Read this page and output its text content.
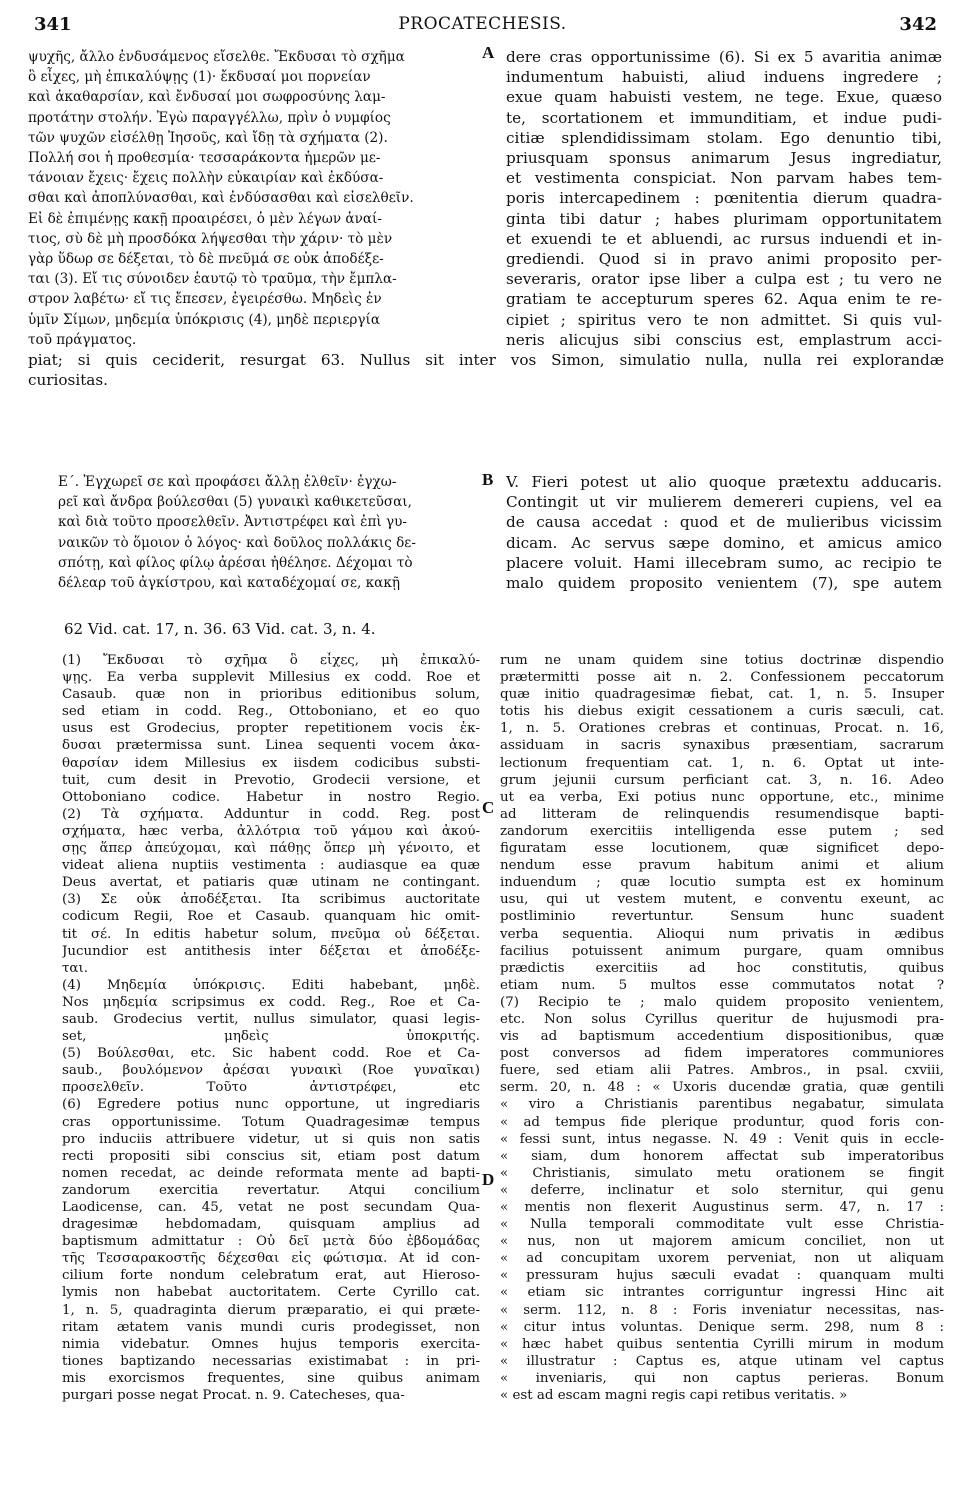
341	PROCATECHESIS.	342
ψυχῆς, ἄλλο ἐνδυσάμενος εἴσελθε. Ἔκδυσαι τὸ σχῆμα
ὃ εἶχες, μὴ ἐπικαλύψῃς (1)· ἔκδυσαί μοι πορνείαν
καὶ ἀκαθαρσίαν, καὶ ἔνδυσαί μοι σωφροσύνης λαμ-
προτάτην στολήν. Ἐγὼ παραγγέλλω, πρὶν ὁ νυμφίος
τῶν ψυχῶν εἰσέλθῃ Ἰησοῦς, καὶ ἴδῃ τὰ σχήματα (2).
Πολλή σοι ἡ προθεσμία· τεσσαράκοντα ἡμερῶν με-
τάνοιαν ἔχεις· ἔχεις πολλὴν εὐκαιρίαν καὶ ἐκδύσα-
σθαι καὶ ἀποπλύνασθαι, καὶ ἐνδύσασθαι καὶ εἰσελθεῖν.
Εἰ δὲ ἐπιμένῃς κακῇ προαιρέσει, ὁ μὲν λέγων ἀναί-
τιος, σὺ δὲ μὴ προσδόκα λήψεσθαι τὴν χάριν· τὸ μὲν
γὰρ ὕδωρ σε δέξεται, τὸ δὲ πνεῦμά σε οὐκ ἀποδέξε-
ται (3). Εἴ τις σύνοιδεν ἑαυτῷ τὸ τραῦμα, τὴν ἔμπλα-
στρον λαβέτω· εἴ τις ἔπεσεν, ἐγειρέσθω. Μηδεὶς ἐν
ὑμῖν Σίμων, μηδεμία ὑπόκρισις (4), μηδὲ περιεργία
τοῦ πράγματος.
A dere cras opportunissime (6). Si ex 5 avaritia animæ
indumentum habuisti, aliud induens ingredere ;
exue quam habuisti vestem, ne tege. Exue, quæso
te, scortationem et immunditiam, et indue pudi-
citiæ splendidissimam stolam. Ego denuntio tibi,
priusquam sponsus animarum Jesus ingrediatur,
et vestimenta conspiciat. Non parvam habes tem-
poris intercapedinem : pœnitentia dierum quadra-
ginta tibi datur ; habes plurimam opportunitatem
et exuendi te et abluendi, ac rursus induendi et in-
grediendi. Quod si in pravo animi proposito per-
severaris, orator ipse liber a culpa est ; tu vero ne
gratiam te accepturum speres 62. Aqua enim te re-
cipiet ; spiritus vero te non admittet. Si quis vul-
neris alicujus sibi conscius est, emplastrum acci-
piat; si quis ceciderit, resurgat 63. Nullus sit inter vos Simon, simulatio nulla, nulla rei explorandæ
curiositas.
Ε΄. Ἐγχωρεῖ σε καὶ προφάσει ἄλλῃ ἐλθεῖν· ἐγχω-
ρεῖ καὶ ἄνδρα βούλεσθαι (5) γυναικὶ καθικετεῦσαι,
καὶ διὰ τοῦτο προσελθεῖν. Ἀντιστρέφει καὶ ἐπὶ γυ-
ναικῶν τὸ ὅμοιον ὁ λόγος· καὶ δοῦλος πολλάκις δε-
σπότῃ, καὶ φίλος φίλῳ ἀρέσαι ἠθέλησε. Δέχομαι τὸ
δέλεαρ τοῦ ἀγκίστρου, καὶ καταδέχομαί σε, κακῇ
B V. Fieri potest ut alio quoque prætextu adducaris.
Contingit ut vir mulierem demereri cupiens, vel ea
de causa accedat : quod et de mulieribus vicissim
dicam. Ac servus sæpe domino, et amicus amico
placere voluit. Hami illecebram sumo, ac recipio te
malo quidem proposito venientem (7), spe autem
62 Vid. cat. 17, n. 36. 63 Vid. cat. 3, n. 4.
(1) Ἔκδυσαι τὸ σχῆμα ὃ εἶχες, μὴ ἐπικαλύ-
ψῃς. Ea verba supplevit Millesius ex codd. Roe et
Casaub. quæ non in prioribus editionibus solum,
sed etiam in codd. Reg., Ottoboniano, et eo quo
usus est Grodecius, propter repetitionem vocis ἐκ-
δυσαι prætermissa sunt. Linea sequenti vocem ἀκα-
θαρσίαν idem Millesius ex iisdem codicibus substi-
tuit, cum desit in Prevotio, Grodecii versione, et
Ottoboniano codice. Habetur in nostro Regio.
(2) Τὰ σχήματα. Adduntur in codd. Reg. post
σχήματα, hæc verba, ἀλλότρια τοῦ γάμου καὶ ἀκού-
σῃς ἅπερ ἀπεύχομαι, καὶ πάθῃς ὅπερ μὴ γένοιτο, et
videat aliena nuptiis vestimenta : audiasque ea quæ
Deus avertat, et patiaris quæ utinam ne contingant.
(3) Σε οὐκ ἀποδέξεται. Ita scribimus auctoritate
codicum Regii, Roe et Casaub. quanquam hic omit-
tit σέ. In editis habetur solum, πνεῦμα οὐ δέξεται.
Jucundior est antithesis inter δέξεται et ἀποδέξε-
ται.
(4) Μηδεμία ὑπόκρισις. Editi habebant, μηδὲ.
Nos μηδεμία scripsimus ex codd. Reg., Roe et Ca-
saub. Grodecius vertit, nullus simulator, quasi legis-
set, μηδεὶς ὑποκριτής.
(5) Βούλεσθαι, etc. Sic habent codd. Roe et Ca-
saub., βουλόμενον ἀρέσαι γυναικὶ (Roe γυναῖκαι)
προσελθεῖν. Τοῦτο ἀντιστρέφει, etc
(6) Egredere potius nunc opportune, ut ingrediaris
cras opportunissime. Totum Quadragesimæ tempus
pro induciis attribuere videtur, ut si quis non satis
recti propositi sibi conscius sit, etiam post datum
nomen recedat, ac deinde reformata mente ad bapti-
zandorum exercitia revertatur. Atqui concilium
Laodicense, can. 45, vetat ne post secundam Qua-
dragesimæ hebdomadam, quisquam amplius ad
baptismum admittatur : Οὐ δεῖ μετὰ δύο ἑβδομάδας
τῆς Τεσσαρακοστῆς δέχεσθαι εἰς φώτισμα. At id con-
cilium forte nondum celebratum erat, aut Hieroso-
lymis non habebat auctoritatem. Certe Cyrillo cat.
1, n. 5, quadraginta dierum præparatio, ei qui præte-
ritam ætatem vanis mundi curis prodegisset, non
nimia videbatur. Omnes hujus temporis exercita-
tiones baptizando necessarias existimabat : in pri-
mis exorcismos frequentes, sine quibus animam
purgari posse negat Procat. n. 9. Catecheses, qua-
C
D
rum ne unam quidem sine totius doctrinæ dispendio
prætermitti posse ait n. 2. Confessionem peccatorum
quæ initio quadragesimæ fiebat, cat. 1, n. 5. Insuper
totis his diebus exigit cessationem a curis sæculi, cat.
1, n. 5. Orationes crebras et continuas, Procat. n. 16,
assiduam in sacris synaxibus præsentiam, sacrarum
lectionum frequentiam cat. 1, n. 6. Optat ut inte-
grum jejunii cursum perficiant cat. 3, n. 16. Adeo
ut ea verba, Exi potius nunc opportune, etc., minime
ad litteram de relinquendis resumendisque bapti-
zandorum exercitiis intelligenda esse putem ; sed
figuratam esse locutionem, quæ significet depo-
nendum esse pravum habitum animi et alium
induendum ; quæ locutio sumpta est ex hominum
usu, qui ut vestem mutent, e conventu exeunt, ac
postliminio revertuntur. Sensum hunc suadent
verba sequentia. Alioqui num privatis in ædibus
facilius potuissent animum purgare, quam omnibus
prædictis exercitiis ad hoc constitutis, quibus
etiam num. 5 multos esse commutatos notat ?
(7) Recipio te ; malo quidem proposito venientem,
etc. Non solus Cyrillus queritur de hujusmodi pra-
vis ad baptismum accedentium dispositionibus, quæ
post conversos ad fidem imperatores communiores
fuere, sed etiam alii Patres. Ambros., in psal. cxviii,
serm. 20, n. 48 : « Uxoris ducendæ gratia, quæ gentili
« viro a Christianis parentibus negabatur, simulata
« ad tempus fide plerique produntur, quod foris con-
« fessi sunt, intus negasse. N. 49 : Venit quis in eccle-
« siam, dum honorem affectat sub imperatoribus
« Christianis, simulato metu orationem se fingit
« deferre, inclinatur et solo sternitur, qui genu
« mentis non flexerit Augustinus serm. 47, n. 17 :
« Nulla temporali commoditate vult esse Christia-
« nus, non ut majorem amicum conciliet, non ut
« ad concupitam uxorem perveniat, non ut aliquam
« pressuram hujus sæculi evadat : quanquam multi
« etiam sic intrantes corriguntur ingressi Hinc ait
« serm. 112, n. 8 : Foris inveniatur necessitas, nas-
« citur intus voluntas. Denique serm. 298, num 8 :
« hæc habet quibus sententia Cyrilli mirum in modum
« illustratur : Captus es, atque utinam vel captus
« inveniaris, qui non captus perieras. Bonum
« est ad escam magni regis capi retibus veritatis. »
